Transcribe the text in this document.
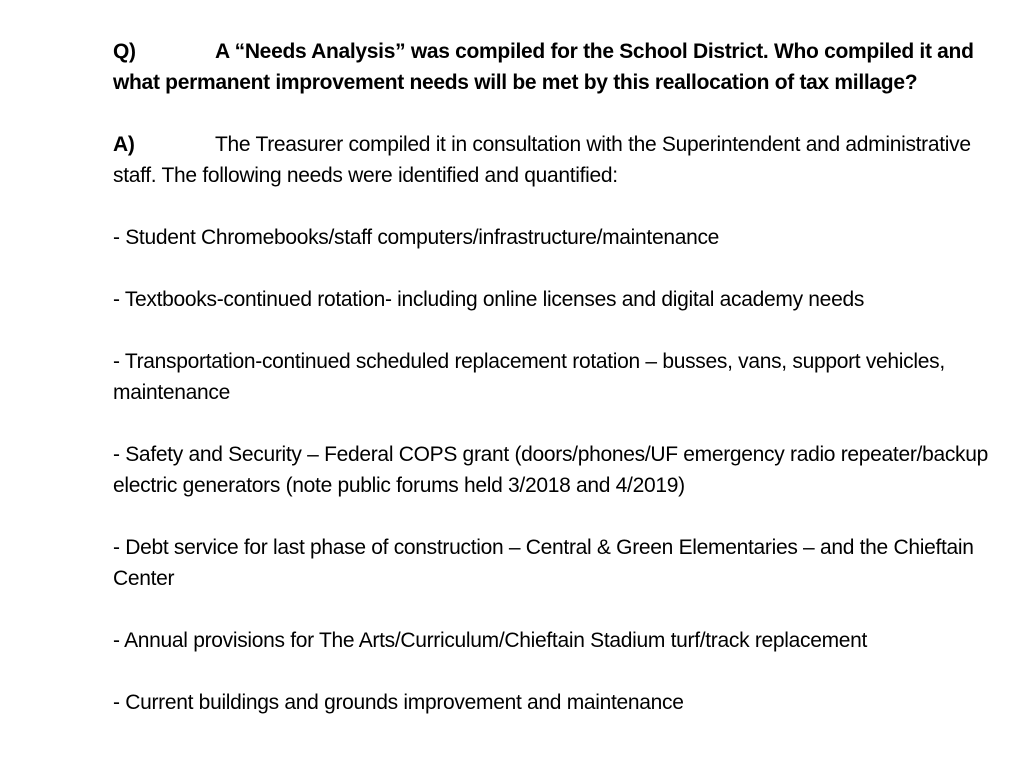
Q)	A “Needs Analysis” was compiled for the School District. Who compiled it and what permanent improvement needs will be met by this reallocation of tax millage?

A)	The Treasurer compiled it in consultation with the Superintendent and administrative staff. The following needs were identified and quantified:

- Student Chromebooks/staff computers/infrastructure/maintenance

- Textbooks-continued rotation- including online licenses and digital academy needs

- Transportation-continued scheduled replacement rotation – busses, vans, support vehicles, maintenance

- Safety and Security – Federal COPS grant (doors/phones/UF emergency radio repeater/backup electric generators (note public forums held 3/2018 and 4/2019)

- Debt service for last phase of construction – Central & Green Elementaries – and the Chieftain Center

- Annual provisions for The Arts/Curriculum/Chieftain Stadium turf/track replacement

- Current buildings and grounds improvement and maintenance
